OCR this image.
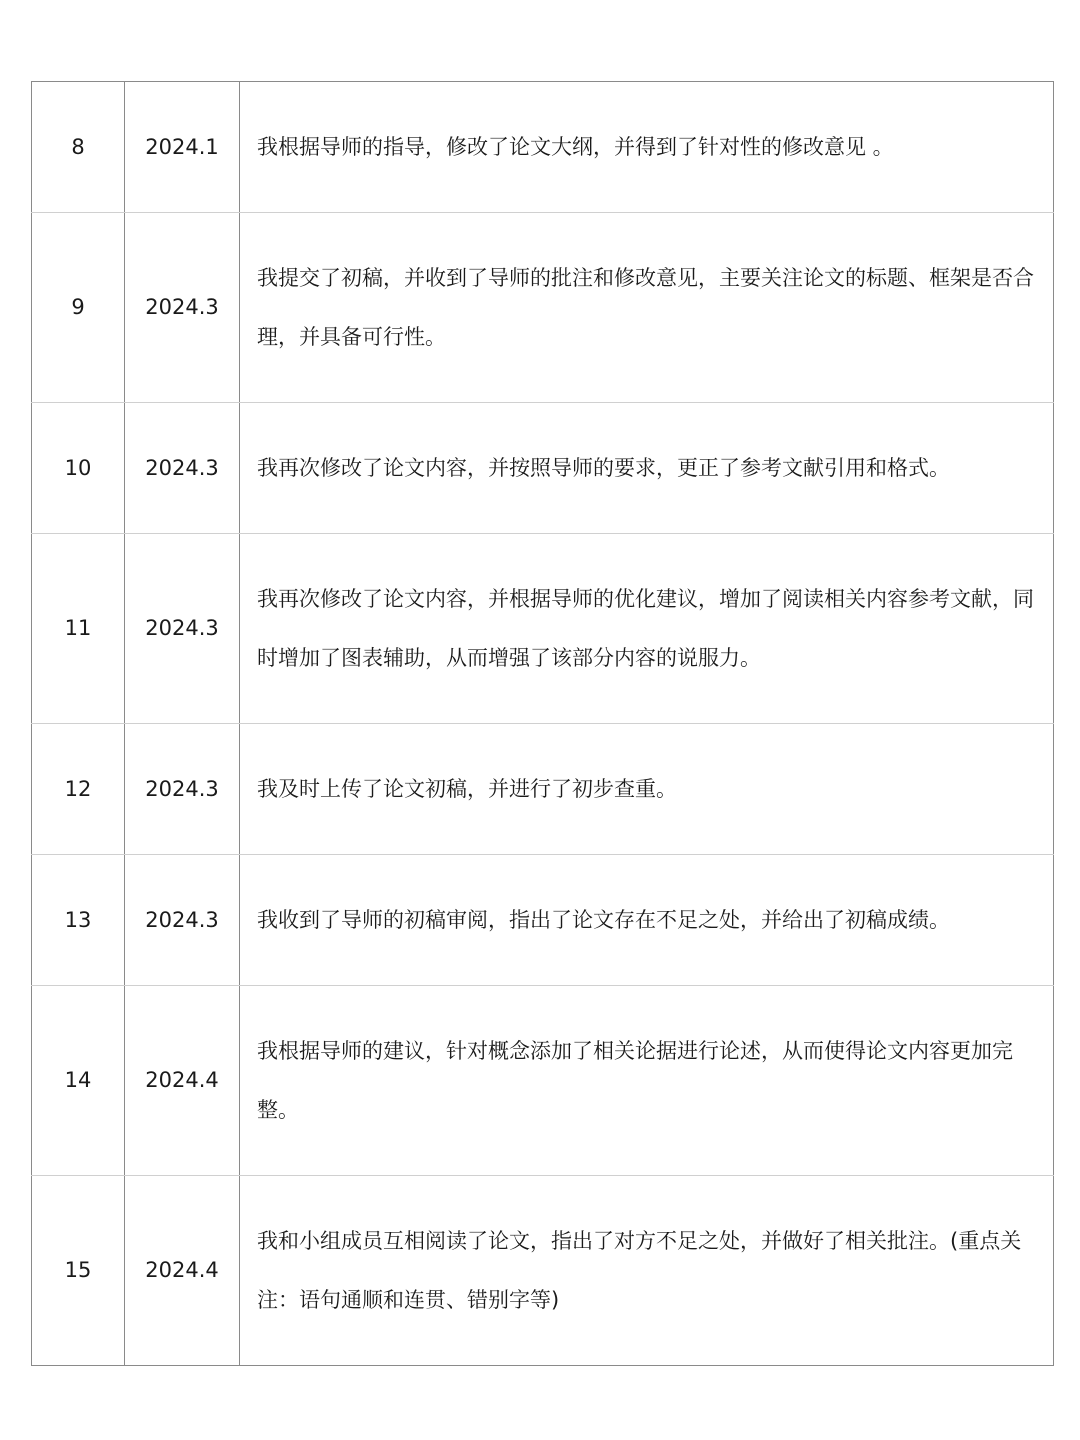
8	2024.1	我根据导师的指导，修改了论文大纲，并得到了针对性的修改意见 。
9	2024.3	我提交了初稿，并收到了导师的批注和修改意见，主要关注论文的标题、框架是否合理，并具备可行性。
10	2024.3	我再次修改了论文内容，并按照导师的要求，更正了参考文献引用和格式。
11	2024.3	我再次修改了论文内容，并根据导师的优化建议，增加了阅读相关内容参考文献，同时增加了图表辅助，从而增强了该部分内容的说服力。
12	2024.3	我及时上传了论文初稿，并进行了初步查重。
13	2024.3	我收到了导师的初稿审阅，指出了论文存在不足之处，并给出了初稿成绩。
14	2024.4	我根据导师的建议，针对概念添加了相关论据进行论述，从而使得论文内容更加完整。
15	2024.4	我和小组成员互相阅读了论文，指出了对方不足之处，并做好了相关批注。(重点关注：语句通顺和连贯、错别字等)
